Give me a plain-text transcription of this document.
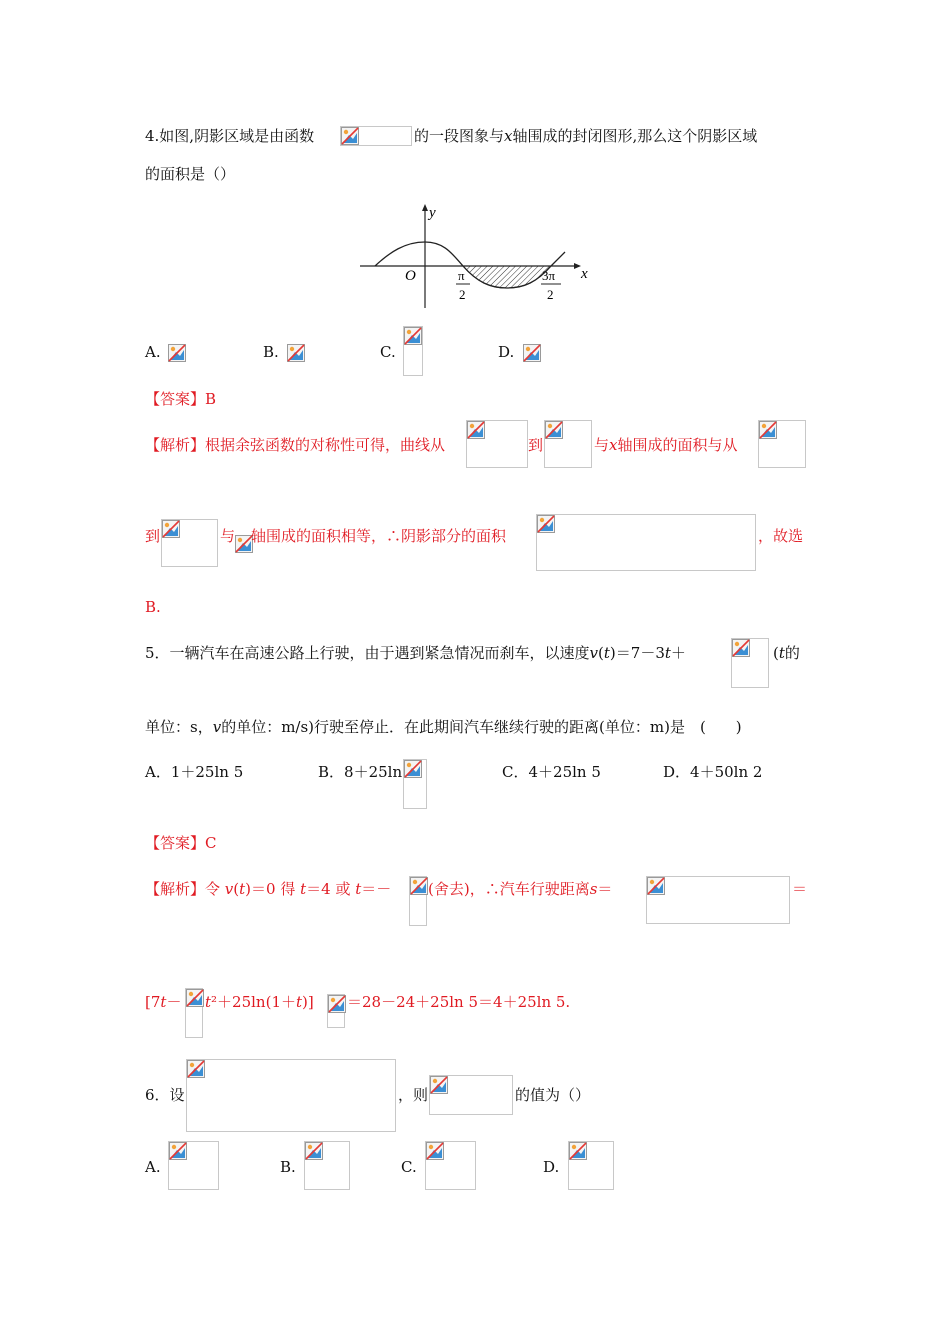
4.如图,阴影区域是由函数	的一段图象与x轴围成的封闭图形,那么这个阴影区域
的面积是（）
y
x
O	π
2
3π
2
A.	B.	C.	D.
【答案】B
【解析】根据余弦函数的对称性可得，曲线从	到	与x轴围成的面积与从
到	与 轴围成的面积相等，∴阴影部分的面积	，故选
B.
5．一辆汽车在高速公路上行驶，由于遇到紧急情况而刹车，以速度v(t)＝7－3t＋	(t的
单位：s，v的单位：m/s)行驶至停止．在此期间汽车继续行驶的距离(单位：m)是　(　　)
A．1＋25ln 5	B．8＋25ln	C．4＋25ln 5	D．4＋50ln 2
【答案】C
【解析】令 v(t)＝0 得 t＝4 或 t＝－ (舍去)，∴汽车行驶距离s＝	＝
[7t－ t²＋25ln(1＋t)] ＝28－24＋25ln 5＝4＋25ln 5.
6．设	，则	的值为（）
A.	B.	C.	D.
